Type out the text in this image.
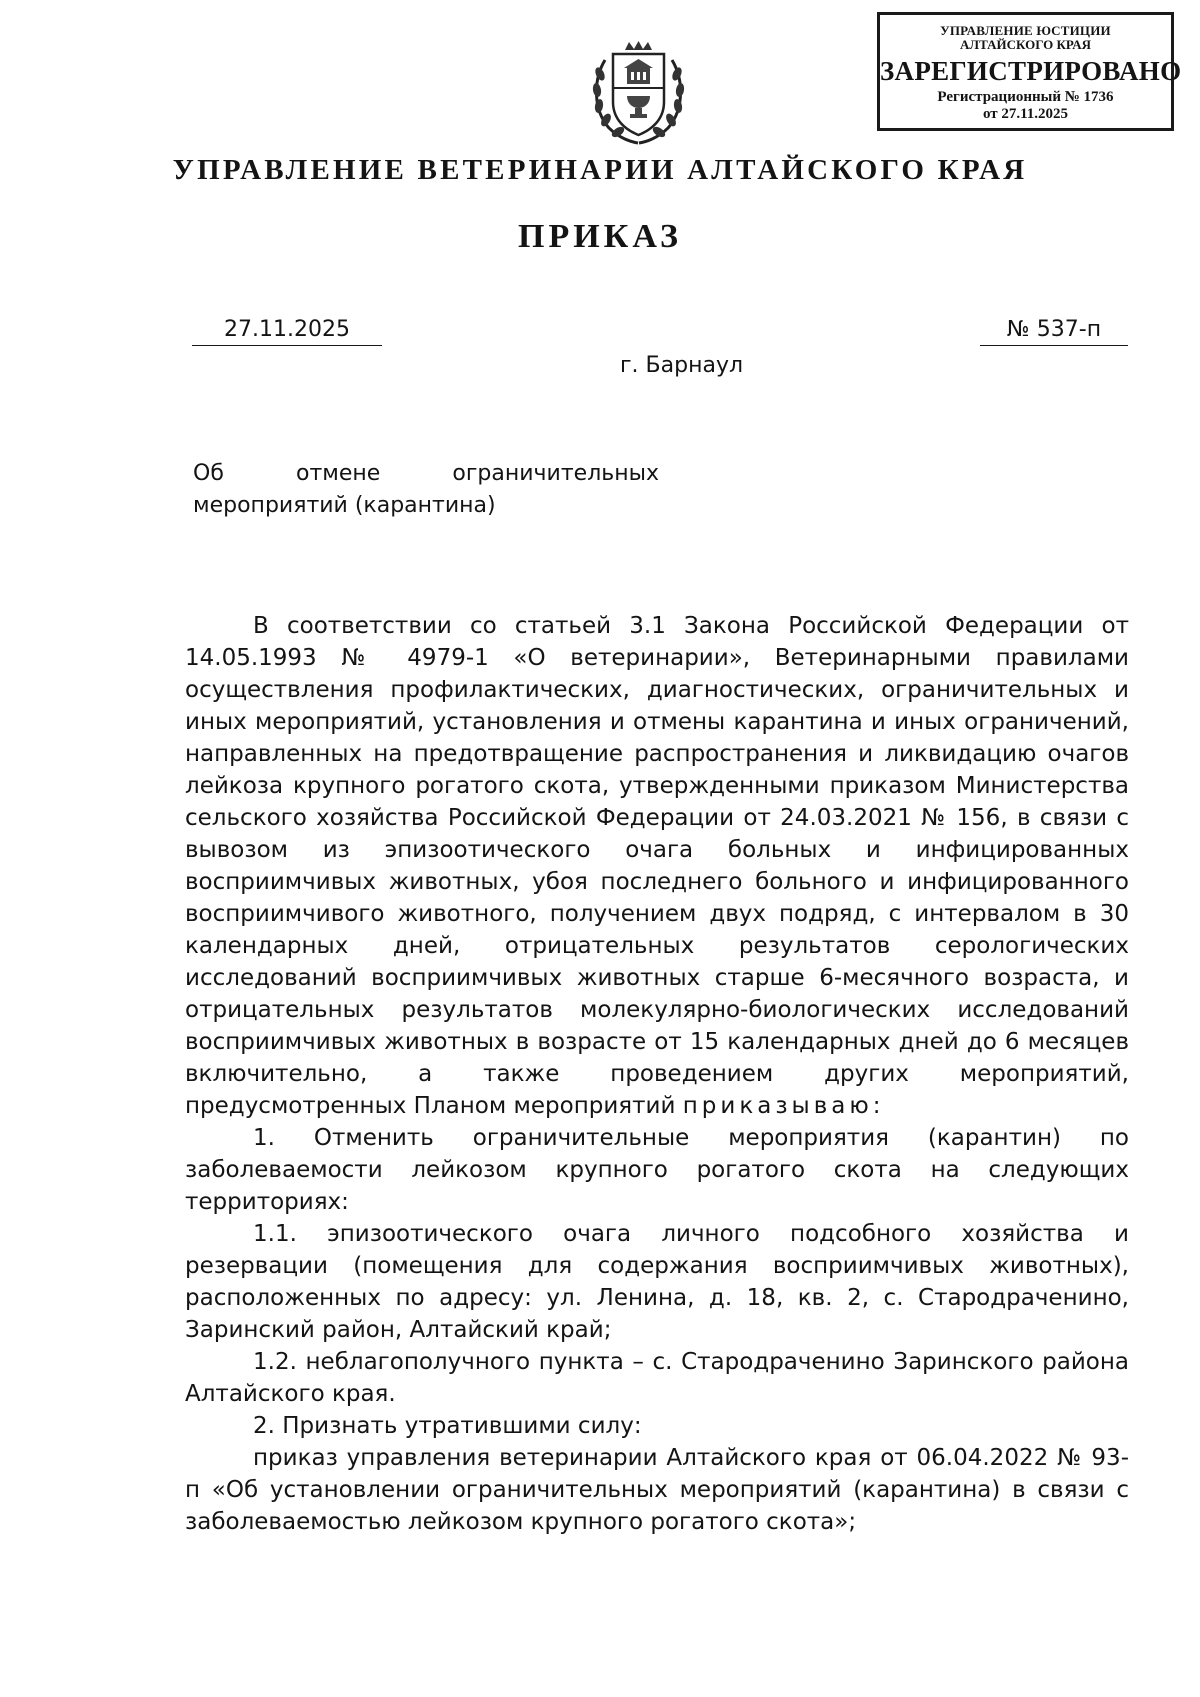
УПРАВЛЕНИЕ ЮСТИЦИИ
АЛТАЙСКОГО КРАЯ
ЗАРЕГИСТРИРОВАНО
Регистрационный № 1736
от 27.11.2025
УПРАВЛЕНИЕ ВЕТЕРИНАРИИ АЛТАЙСКОГО КРАЯ
ПРИКАЗ
27.11.2025	№ 537-п
г. Барнаул
Об	отмене	ограничительных
мероприятий (карантина)

В соответствии со статьей 3.1 Закона Российской Федерации от 14.05.1993 № 4979-1 «О ветеринарии», Ветеринарными правилами осуществления профилактических, диагностических, ограничительных и иных мероприятий, установления и отмены карантина и иных ограничений, направленных на предотвращение распространения и ликвидацию очагов лейкоза крупного рогатого скота, утвержденными приказом Министерства сельского хозяйства Российской Федерации от 24.03.2021 № 156, в связи с вывозом из эпизоотического очага больных и инфицированных восприимчивых животных, убоя последнего больного и инфицированного восприимчивого животного, получением двух подряд, с интервалом в 30 календарных дней, отрицательных результатов серологических исследований восприимчивых животных старше 6-месячного возраста, и отрицательных результатов молекулярно-биологических исследований восприимчивых животных в возрасте от 15 календарных дней до 6 месяцев включительно, а также проведением других мероприятий, предусмотренных Планом мероприятий приказываю:

1. Отменить ограничительные мероприятия (карантин) по заболеваемости лейкозом крупного рогатого скота на следующих территориях:

1.1. эпизоотического очага личного подсобного хозяйства и резервации (помещения для содержания восприимчивых животных), расположенных по адресу: ул. Ленина, д. 18, кв. 2, с. Стародраченино, Заринский район, Алтайский край;

1.2. неблагополучного пункта – с. Стародраченино Заринского района Алтайского края.

2. Признать утратившими силу:

приказ управления ветеринарии Алтайского края от 06.04.2022 № 93-п «Об установлении ограничительных мероприятий (карантина) в связи с заболеваемостью лейкозом крупного рогатого скота»;
